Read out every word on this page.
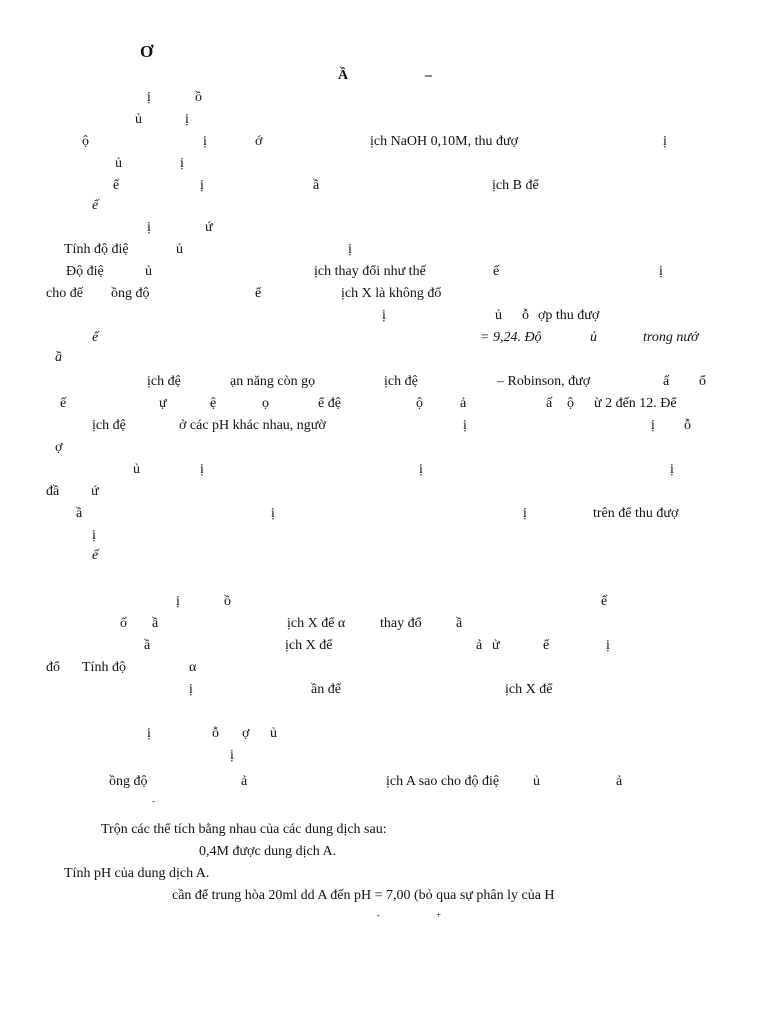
Ơ
Ầ	–
ị	ồ
ủ	ị
ộ	ị	ớ	ịch NaOH 0,10M, thu đượ	ị
ủ	ị
ể	ị	ầ	ịch B để
ế
ị	ứ
Tính độ điệ	ủ	ị
Độ điệ	ủ	ịch thay đổi như thế	ế	ị
cho đế ồng độ	ể	ịch X là không đổ
ị	ủ ỗ ợp thu đượ
ế	= 9,24. Độ	ủ	trong nướ
ầ
ịch đệ	ạn năng còn gọ	ịch đệ	– Robinson, đượ	ấ ổ
ế	ự	ệ	ọ	ể đệ	ộ	ả	ấ ộ ừ 2 đến 12. Để
ịch đệ	ở các pH khác nhau, ngườ	ị	ị ỗ
ợ
ủ	ị	ị	ị
đầ ứ
ầ	ị	ị	trên để thu đượ
ị
ế
ị	ồ	ế
ố ầ	ịch X để α thay đổ ầ
ầ	ịch X để	ả ử	ể	ị
đổ Tính độ	α
ị	ần để	ịch X để
ị	ỗ ợ ủ
ị
ồng độ	ả	ịch A sao cho độ điệ ủ	ả
-
Trộn các thể tích bằng nhau của các dung dịch sau:
0,4M được dung dịch A.
Tính pH của dung dịch A.
cần để trung hòa 20ml dd A đến pH = 7,00 (bỏ qua sự phân ly của H
-	+
